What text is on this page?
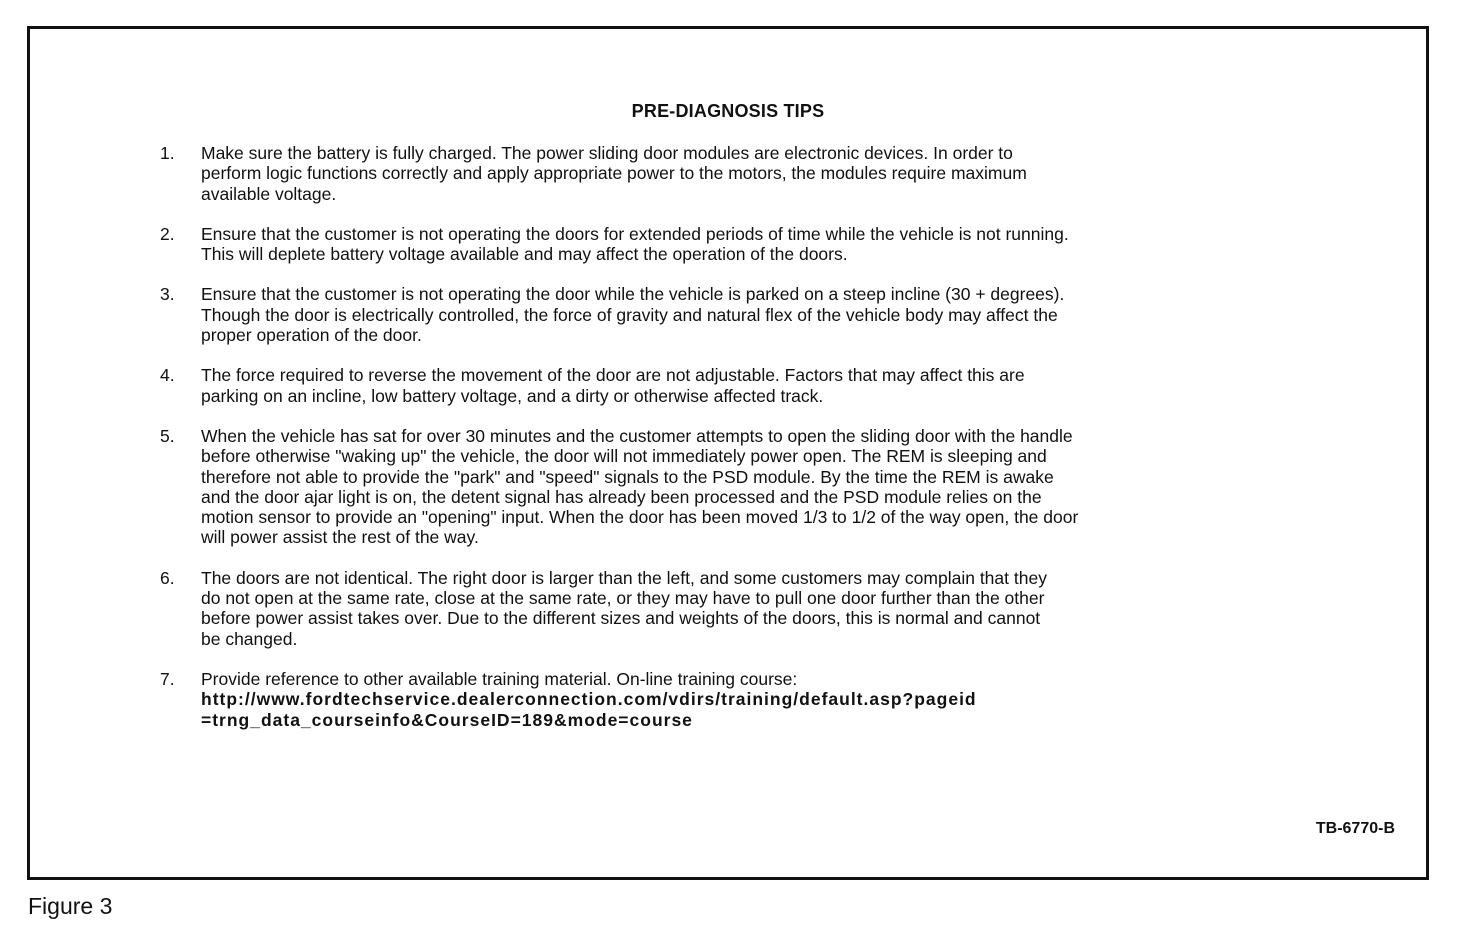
PRE-DIAGNOSIS TIPS
1. Make sure the battery is fully charged. The power sliding door modules are electronic devices. In order to
perform logic functions correctly and apply appropriate power to the motors, the modules require maximum
available voltage.
2. Ensure that the customer is not operating the doors for extended periods of time while the vehicle is not running.
This will deplete battery voltage available and may affect the operation of the doors.
3. Ensure that the customer is not operating the door while the vehicle is parked on a steep incline (30 + degrees).
Though the door is electrically controlled, the force of gravity and natural flex of the vehicle body may affect the
proper operation of the door.
4. The force required to reverse the movement of the door are not adjustable. Factors that may affect this are
parking on an incline, low battery voltage, and a dirty or otherwise affected track.
5. When the vehicle has sat for over 30 minutes and the customer attempts to open the sliding door with the handle
before otherwise "waking up" the vehicle, the door will not immediately power open. The REM is sleeping and
therefore not able to provide the "park" and "speed" signals to the PSD module. By the time the REM is awake
and the door ajar light is on, the detent signal has already been processed and the PSD module relies on the
motion sensor to provide an "opening" input. When the door has been moved 1/3 to 1/2 of the way open, the door
will power assist the rest of the way.
6. The doors are not identical. The right door is larger than the left, and some customers may complain that they
do not open at the same rate, close at the same rate, or they may have to pull one door further than the other
before power assist takes over. Due to the different sizes and weights of the doors, this is normal and cannot
be changed.
7. Provide reference to other available training material. On-line training course:
http://www.fordtechservice.dealerconnection.com/vdirs/training/default.asp?pageid
=trng_data_courseinfo&CourseID=189&mode=course
TB-6770-B
Figure 3
